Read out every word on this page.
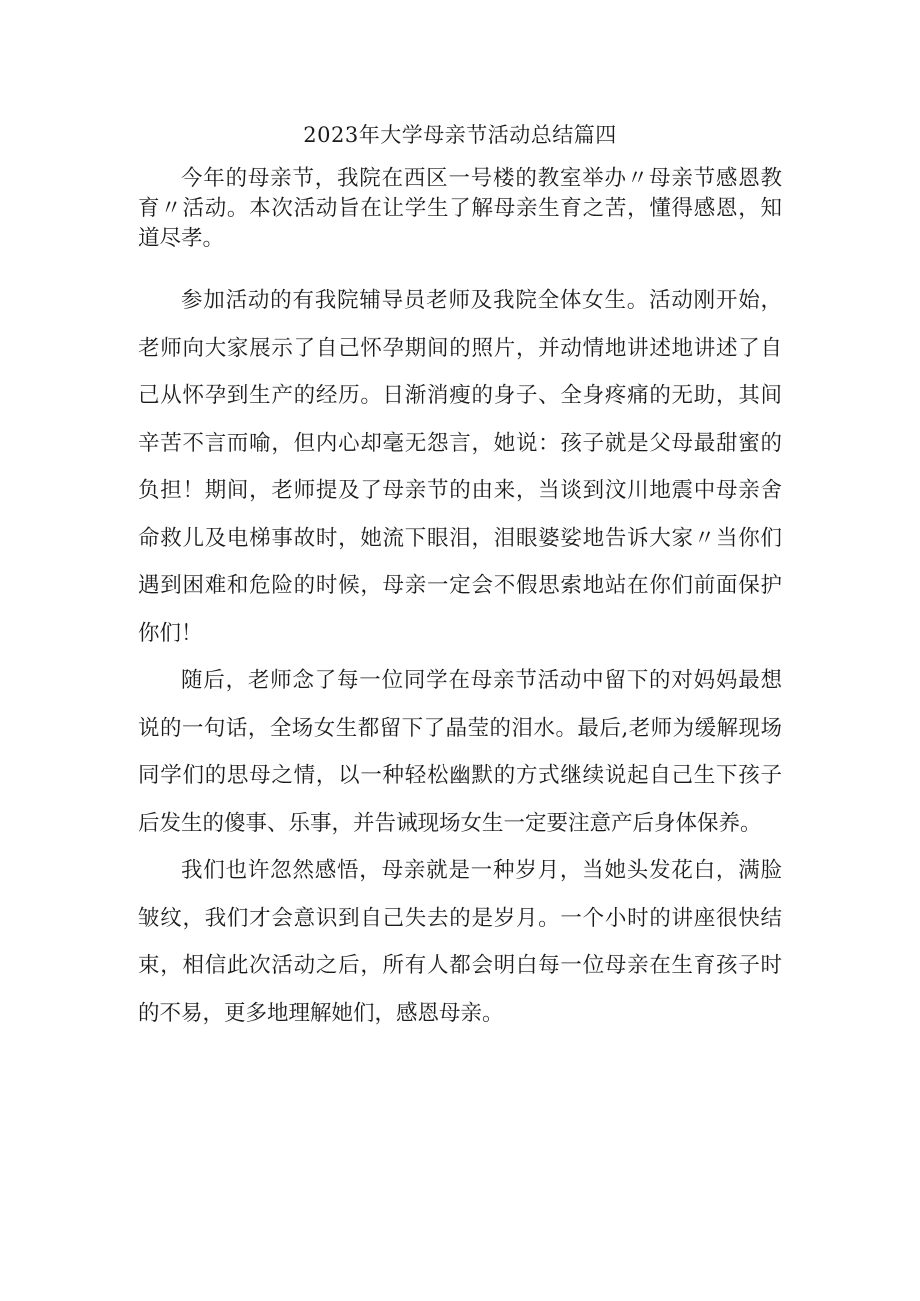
2023年大学母亲节活动总结篇四

今年的母亲节，我院在西区一号楼的教室举办〃母亲节感恩教育〃活动。本次活动旨在让学生了解母亲生育之苦，懂得感恩，知道尽孝。

参加活动的有我院辅导员老师及我院全体女生。活动刚开始，老师向大家展示了自己怀孕期间的照片，并动情地讲述地讲述了自己从怀孕到生产的经历。日渐消瘦的身子、全身疼痛的无助，其间辛苦不言而喻，但内心却毫无怨言，她说：孩子就是父母最甜蜜的负担！期间，老师提及了母亲节的由来，当谈到汶川地震中母亲舍命救儿及电梯事故时，她流下眼泪，泪眼婆娑地告诉大家〃当你们遇到困难和危险的时候，母亲一定会不假思索地站在你们前面保护你们！

随后，老师念了每一位同学在母亲节活动中留下的对妈妈最想说的一句话，全场女生都留下了晶莹的泪水。最后,老师为缓解现场同学们的思母之情，以一种轻松幽默的方式继续说起自己生下孩子后发生的傻事、乐事，并告诫现场女生一定要注意产后身体保养。

我们也许忽然感悟，母亲就是一种岁月，当她头发花白，满脸皱纹，我们才会意识到自己失去的是岁月。一个小时的讲座很快结束，相信此次活动之后，所有人都会明白每一位母亲在生育孩子时的不易，更多地理解她们，感恩母亲。
